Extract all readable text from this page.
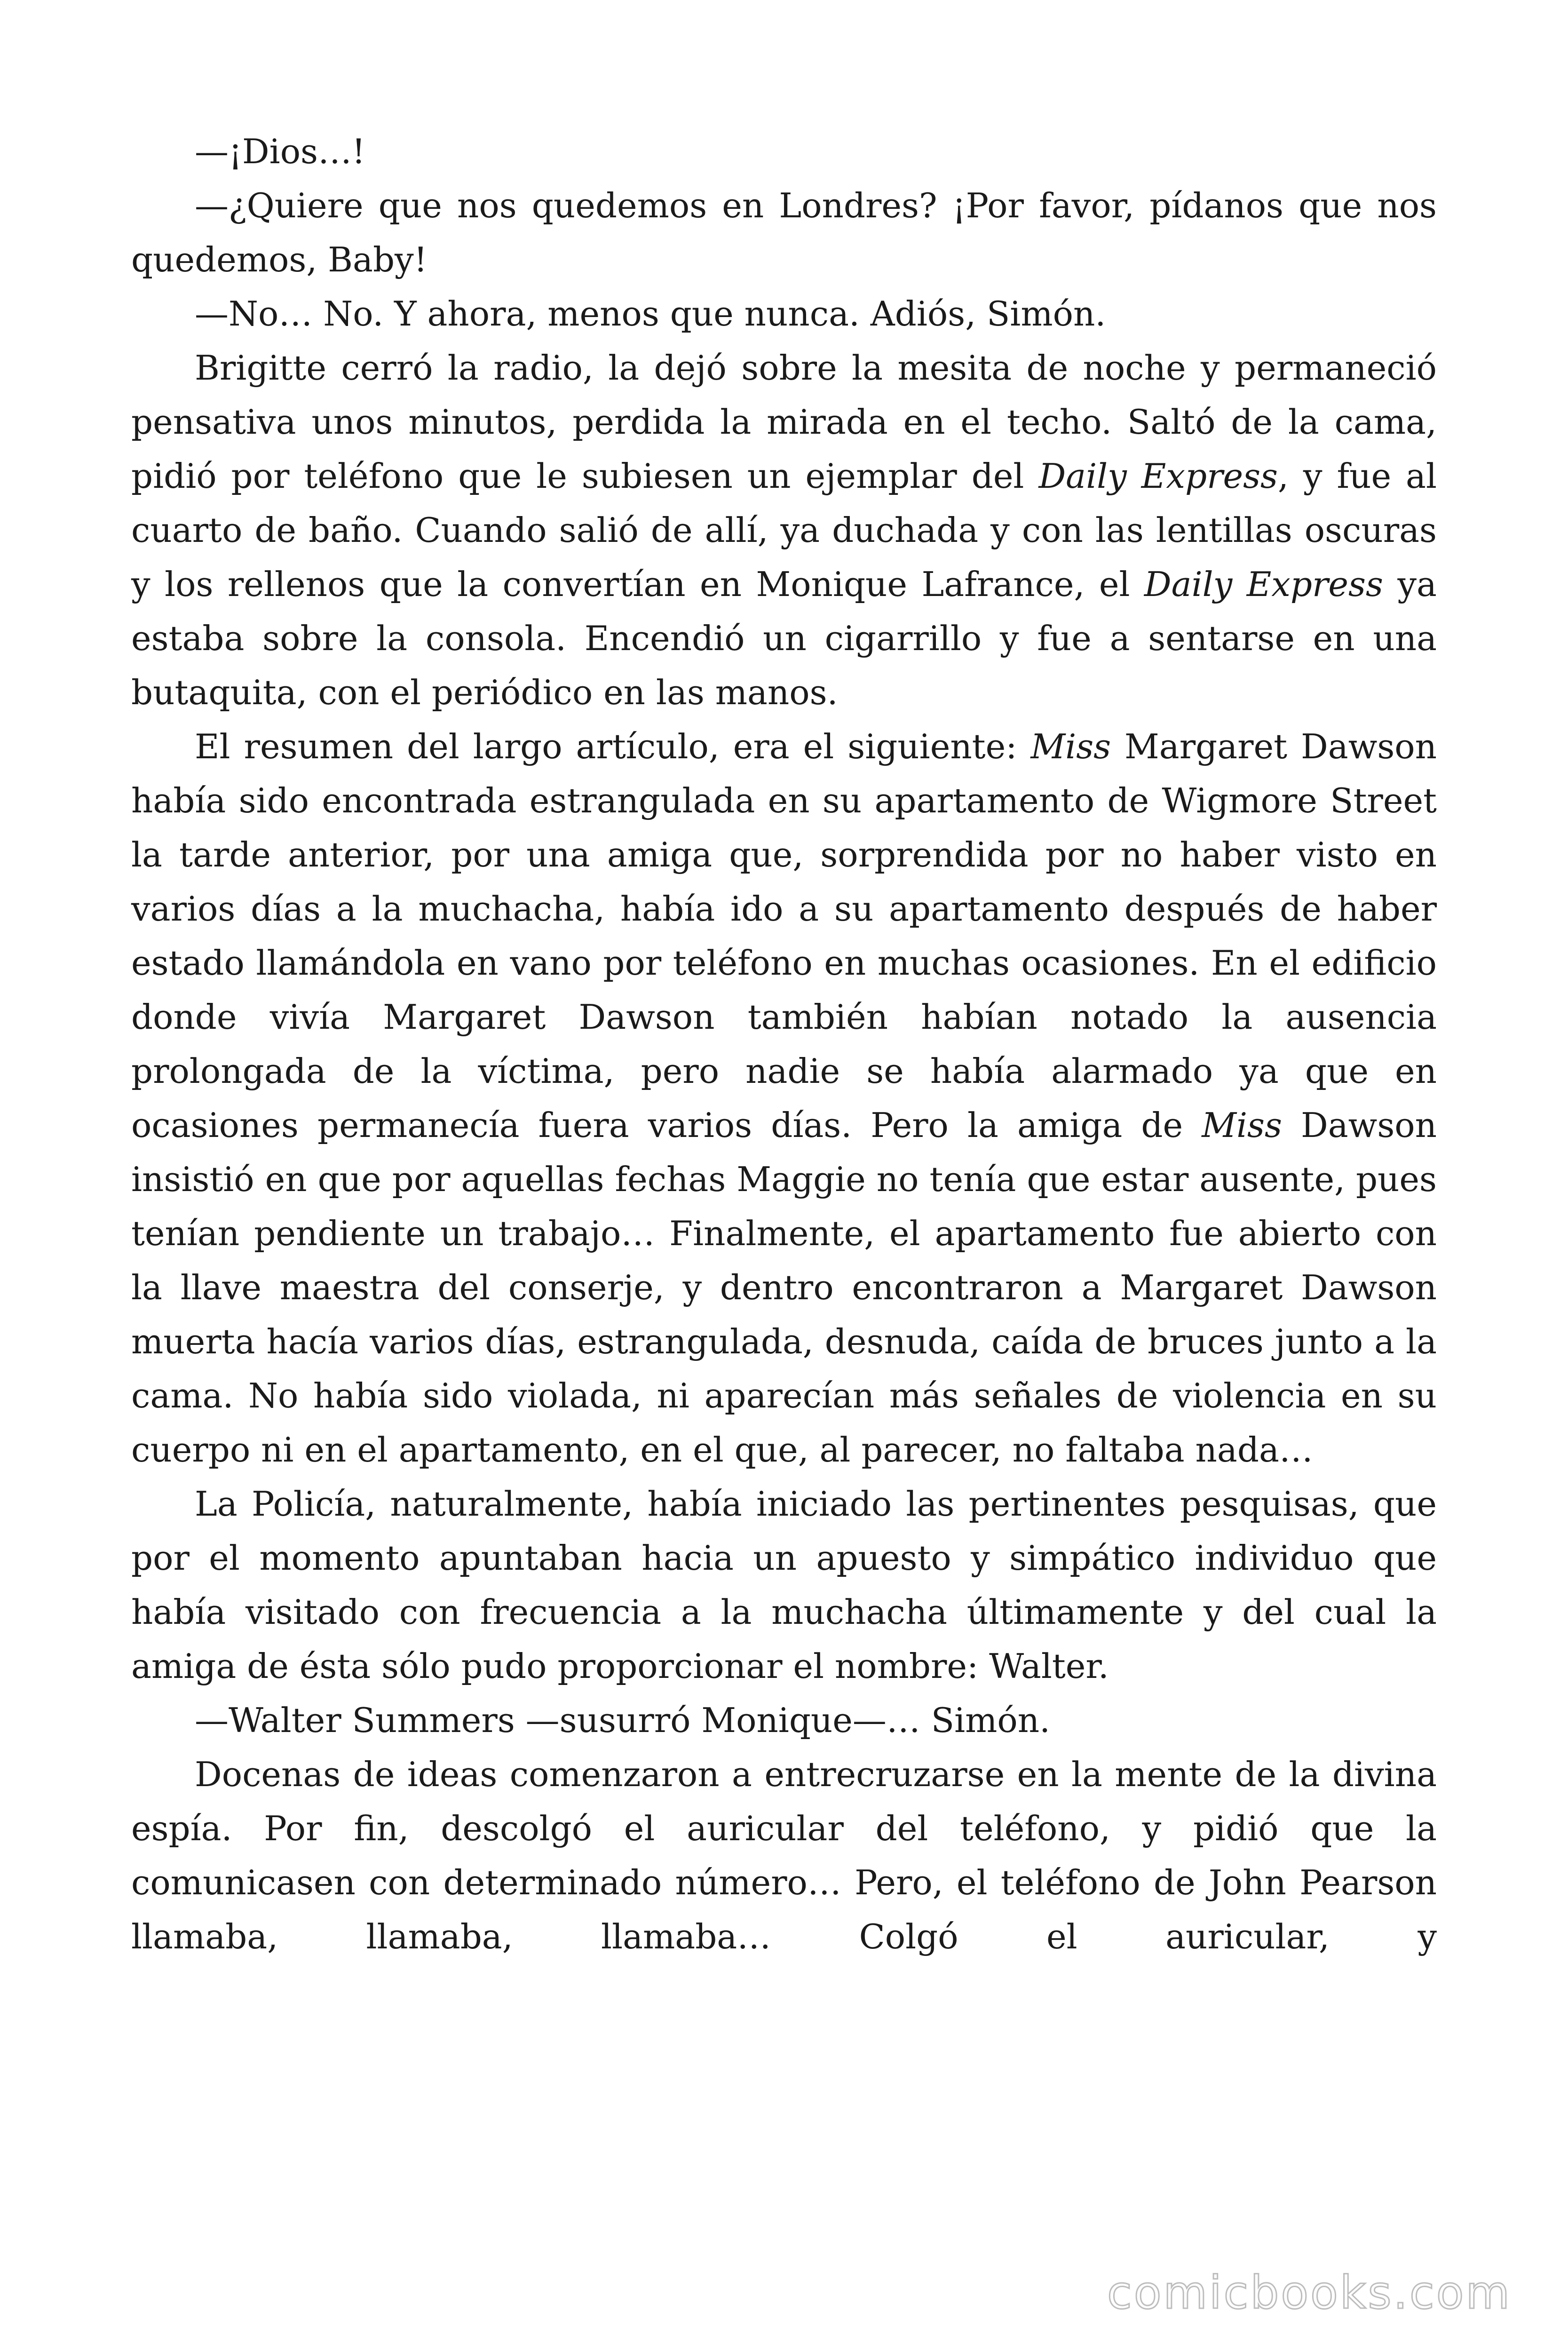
—¡Dios…!

—¿Quiere que nos quedemos en Londres? ¡Por favor, pídanos que nos quedemos, Baby!

—No… No. Y ahora, menos que nunca. Adiós, Simón.

Brigitte cerró la radio, la dejó sobre la mesita de noche y permaneció pensativa unos minutos, perdida la mirada en el techo. Saltó de la cama, pidió por teléfono que le subiesen un ejemplar del Daily Express, y fue al cuarto de baño. Cuando salió de allí, ya duchada y con las lentillas oscuras y los rellenos que la convertían en Monique Lafrance, el Daily Express ya estaba sobre la consola. Encendió un cigarrillo y fue a sentarse en una butaquita, con el periódico en las manos.

El resumen del largo artículo, era el siguiente: Miss Margaret Dawson había sido encontrada estrangulada en su apartamento de Wigmore Street la tarde anterior, por una amiga que, sorprendida por no haber visto en varios días a la muchacha, había ido a su apartamento después de haber estado llamándola en vano por teléfono en muchas ocasiones. En el edificio donde vivía Margaret Dawson también habían notado la ausencia prolongada de la víctima, pero nadie se había alarmado ya que en ocasiones permanecía fuera varios días. Pero la amiga de Miss Dawson insistió en que por aquellas fechas Maggie no tenía que estar ausente, pues tenían pendiente un trabajo… Finalmente, el apartamento fue abierto con la llave maestra del conserje, y dentro encontraron a Margaret Dawson muerta hacía varios días, estrangulada, desnuda, caída de bruces junto a la cama. No había sido violada, ni aparecían más señales de violencia en su cuerpo ni en el apartamento, en el que, al parecer, no faltaba nada…

La Policía, naturalmente, había iniciado las pertinentes pesquisas, que por el momento apuntaban hacia un apuesto y simpático individuo que había visitado con frecuencia a la muchacha últimamente y del cual la amiga de ésta sólo pudo proporcionar el nombre: Walter.

—Walter Summers —susurró Monique—… Simón.

Docenas de ideas comenzaron a entrecruzarse en la mente de la divina espía. Por fin, descolgó el auricular del teléfono, y pidió que la comunicasen con determinado número… Pero, el teléfono de John Pearson llamaba, llamaba, llamaba… Colgó el auricular, y

comicbooks.com
